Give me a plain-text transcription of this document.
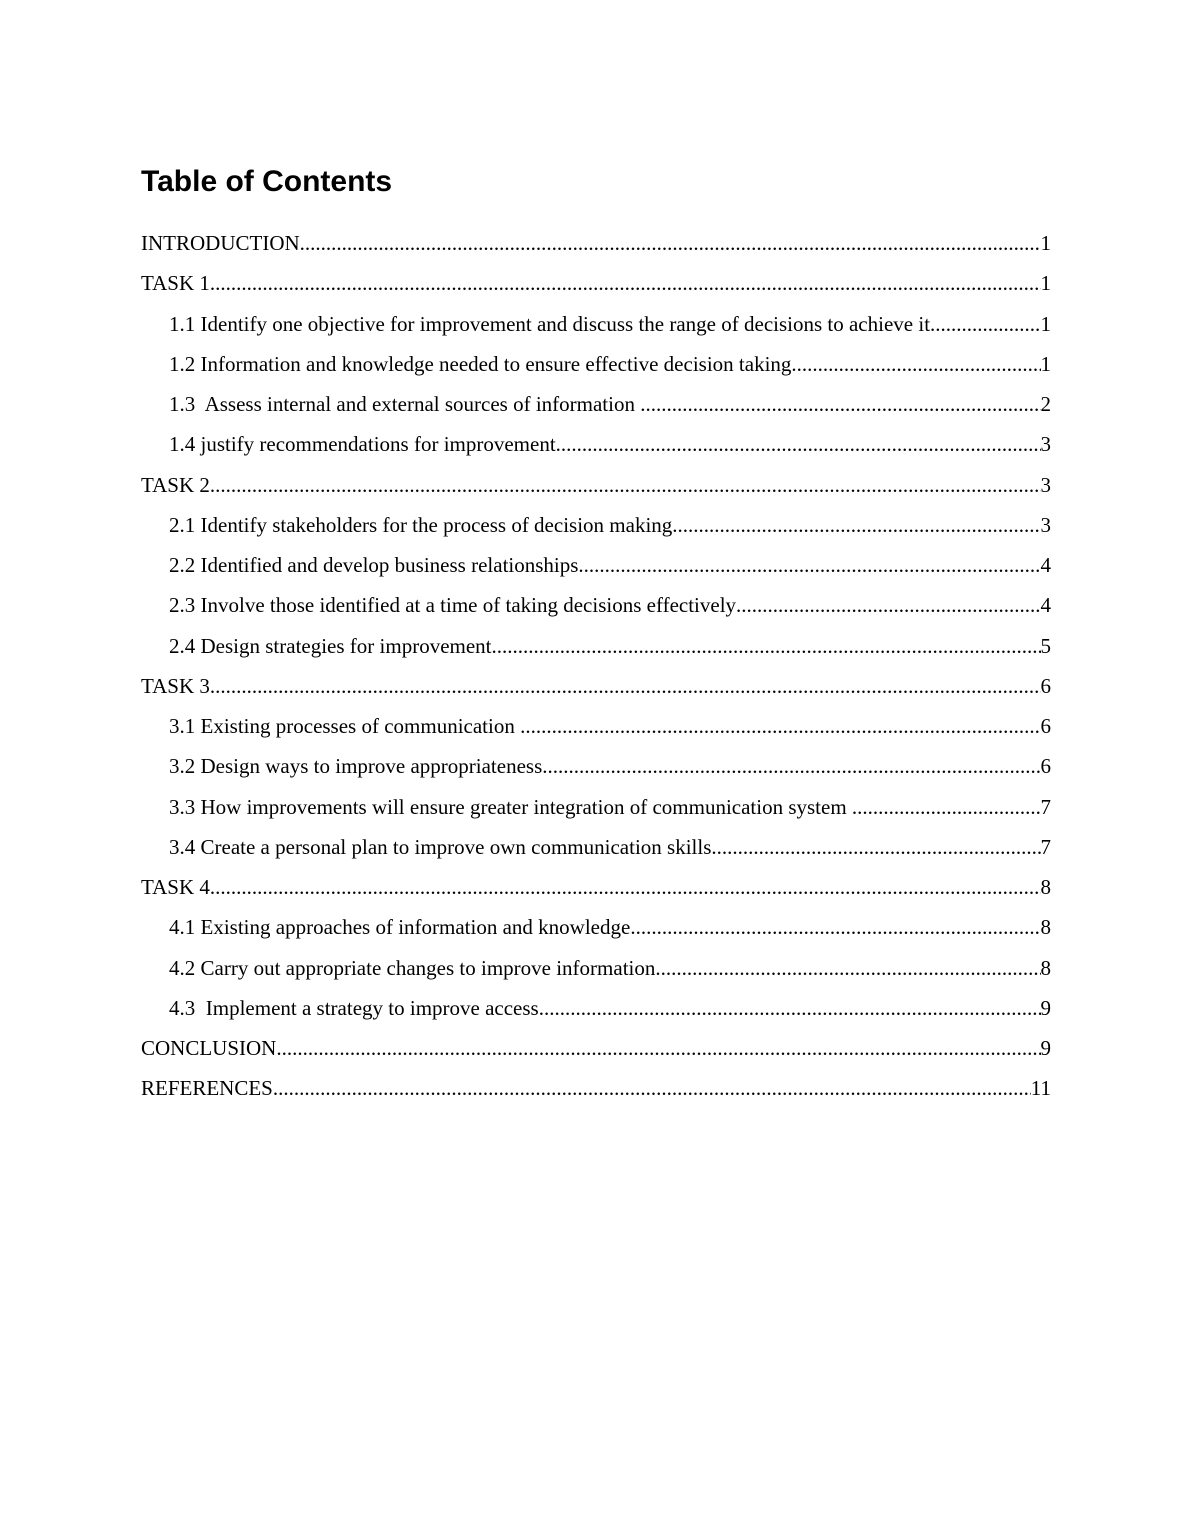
Table of Contents
INTRODUCTION .....	1
TASK 1 .....	1
1.1 Identify one objective for improvement and discuss the range of decisions to achieve it .....	1
1.2 Information and knowledge needed to ensure effective decision taking .....	1
1.3  Assess internal and external sources of information .....	2
1.4 justify recommendations for improvement .....	3
TASK 2 .....	3
2.1 Identify stakeholders for the process of decision making .....	3
2.2 Identified and develop business relationships .....	4
2.3 Involve those identified at a time of taking decisions effectively .....	4
2.4 Design strategies for improvement .....	5
TASK 3 .....	6
3.1 Existing processes of communication .....	6
3.2 Design ways to improve appropriateness .....	6
3.3 How improvements will ensure greater integration of communication system .....	7
3.4 Create a personal plan to improve own communication skills .....	7
TASK 4 .....	8
4.1 Existing approaches of information and knowledge .....	8
4.2 Carry out appropriate changes to improve information .....	8
4.3  Implement a strategy to improve access .....	9
CONCLUSION .....	9
REFERENCES .....	11
